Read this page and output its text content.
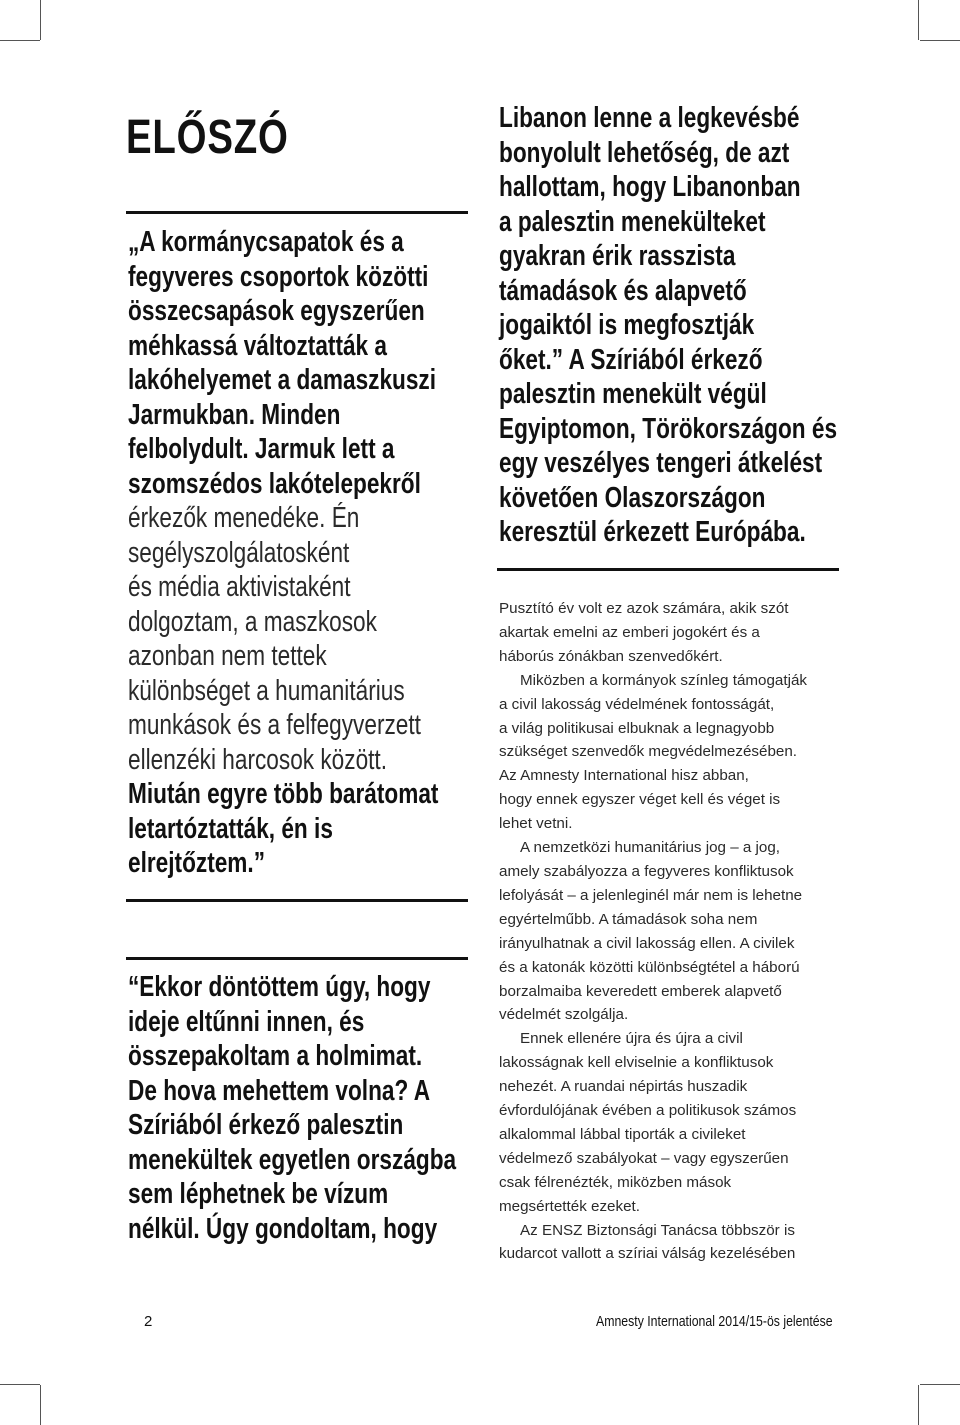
ELŐSZÓ
„A kormánycsapatok és a
fegyveres csoportok közötti
összecsapások egyszerűen
méhkassá változtatták a
lakóhelyemet a damaszkuszi
Jarmukban. Minden
felbolydult. Jarmuk lett a
szomszédos lakótelepekről
érkezők menedéke. Én
segélyszolgálatosként
és média aktivistaként
dolgoztam, a maszkosok
azonban nem tettek
különbséget a humanitárius
munkások és a felfegyverzett
ellenzéki harcosok között.
Miután egyre több barátomat
letartóztatták, én is
elrejtőztem.”
“Ekkor döntöttem úgy, hogy
ideje eltűnni innen, és
összepakoltam a holmimat.
De hova mehettem volna? A
Szíriából érkező palesztin
menekültek egyetlen országba
sem léphetnek be vízum
nélkül. Úgy gondoltam, hogy
Libanon lenne a legkevésbé
bonyolult lehetőség, de azt
hallottam, hogy Libanonban
a palesztin menekülteket
gyakran érik rasszista
támadások és alapvető
jogaiktól is megfosztják
őket.” A Szíriából érkező
palesztin menekült végül
Egyiptomon, Törökországon és
egy veszélyes tengeri átkelést
követően Olaszországon
keresztül érkezett Európába.

Pusztító év volt ez azok számára, akik szót
akartak emelni az emberi jogokért és a
háborús zónákban szenvedőkért.

Miközben a kormányok színleg támogatják
a civil lakosság védelmének fontosságát,
a világ politikusai elbuknak a legnagyobb
szükséget szenvedők megvédelmezésében.
Az Amnesty International hisz abban,
hogy ennek egyszer véget kell és véget is
lehet vetni.

A nemzetközi humanitárius jog – a jog,
amely szabályozza a fegyveres konfliktusok
lefolyását – a jelenleginél már nem is lehetne
egyértelműbb. A támadások soha nem
irányulhatnak a civil lakosság ellen. A civilek
és a katonák közötti különbségtétel a háború
borzalmaiba keveredett emberek alapvető
védelmét szolgálja.

Ennek ellenére újra és újra a civil
lakosságnak kell elviselnie a konfliktusok
nehezét. A ruandai népirtás huszadik
évfordulójának évében a politikusok számos
alkalommal lábbal tiporták a civileket
védelmező szabályokat – vagy egyszerűen
csak félrenézték, miközben mások
megsértették ezeket.

Az ENSZ Biztonsági Tanácsa többször is
kudarcot vallott a szíriai válság kezelésében

2	Amnesty International 2014/15-ös jelentése
